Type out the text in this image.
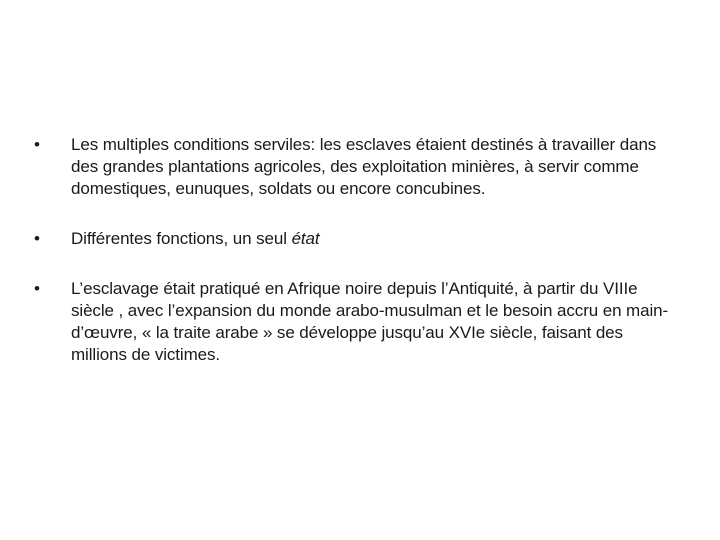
• Les multiples conditions serviles: les esclaves étaient destinés à travailler dans des grandes plantations agricoles, des exploitation minières, à servir comme domestiques, eunuques, soldats ou encore concubines.
• Différentes fonctions, un seul état
• L’esclavage était pratiqué en Afrique noire depuis l’Antiquité, à partir du VIIIe siècle , avec l’expansion du monde arabo-musulman et le besoin accru en main-d’œuvre, « la traite arabe » se développe jusqu’au XVIe siècle, faisant des millions de victimes.
